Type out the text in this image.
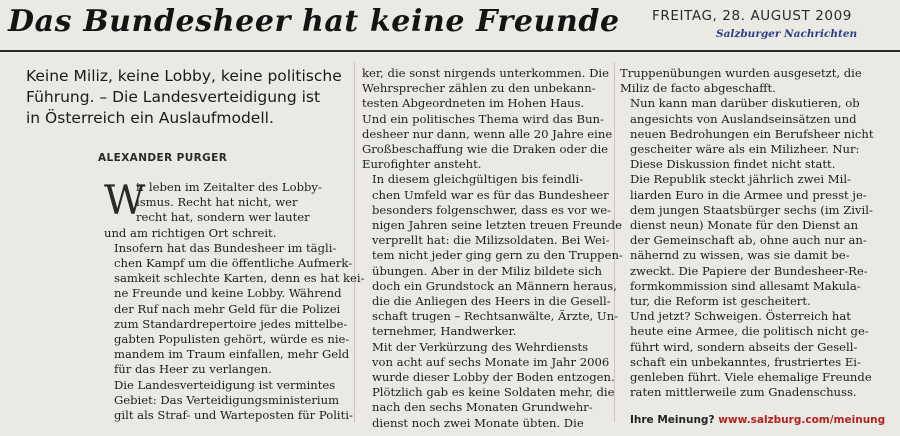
Das Bundesheer hat keine Freunde FREITAG, 28. AUGUST 2009
Salzburger Nachrichten
Keine Miliz, keine Lobby, keine politische
Führung. – Die Landesverteidigung ist
in Österreich ein Auslaufmodell.
ALEXANDER PURGER
W

ir leben im Zeitalter des Lobby-
ismus. Recht hat nicht, wer
recht hat, sondern wer lauter
und am richtigen Ort schreit.

Insofern hat das Bundesheer im tägli-
chen Kampf um die öffentliche Aufmerk-
samkeit schlechte Karten, denn es hat kei-
ne Freunde und keine Lobby. Während
der Ruf nach mehr Geld für die Polizei
zum Standardrepertoire jedes mittelbe-
gabten Populisten gehört, würde es nie-
mandem im Traum einfallen, mehr Geld
für das Heer zu verlangen.

Die Landesverteidigung ist vermintes
Gebiet: Das Verteidigungsministerium
gilt als Straf- und Warteposten für Politi-

ker, die sonst nirgends unterkommen. Die
Wehrsprecher zählen zu den unbekann-
testen Abgeordneten im Hohen Haus.
Und ein politisches Thema wird das Bun-
desheer nur dann, wenn alle 20 Jahre eine
Großbeschaffung wie die Draken oder die
Eurofighter ansteht.

In diesem gleichgültigen bis feindli-
chen Umfeld war es für das Bundesheer
besonders folgenschwer, dass es vor we-
nigen Jahren seine letzten treuen Freunde
verprellt hat: die Milizsoldaten. Bei Wei-
tem nicht jeder ging gern zu den Truppen-
übungen. Aber in der Miliz bildete sich
doch ein Grundstock an Männern heraus,
die die Anliegen des Heers in die Gesell-
schaft trugen – Rechtsanwälte, Ärzte, Un-
ternehmer, Handwerker.

Mit der Verkürzung des Wehrdiensts
von acht auf sechs Monate im Jahr 2006
wurde dieser Lobby der Boden entzogen.
Plötzlich gab es keine Soldaten mehr, die
nach den sechs Monaten Grundwehr-
dienst noch zwei Monate übten. Die

Truppenübungen wurden ausgesetzt, die
Miliz de facto abgeschafft.

Nun kann man darüber diskutieren, ob
angesichts von Auslandseinsätzen und
neuen Bedrohungen ein Berufsheer nicht
gescheiter wäre als ein Milizheer. Nur:
Diese Diskussion findet nicht statt.

Die Republik steckt jährlich zwei Mil-
liarden Euro in die Armee und presst je-
dem jungen Staatsbürger sechs (im Zivil-
dienst neun) Monate für den Dienst an
der Gemeinschaft ab, ohne auch nur an-
nähernd zu wissen, was sie damit be-
zweckt. Die Papiere der Bundesheer-Re-
formkommission sind allesamt Makula-
tur, die Reform ist gescheitert.

Und jetzt? Schweigen. Österreich hat
heute eine Armee, die politisch nicht ge-
führt wird, sondern abseits der Gesell-
schaft ein unbekanntes, frustriertes Ei-
genleben führt. Viele ehemalige Freunde
raten mittlerweile zum Gnadenschuss.

Ihre Meinung? www.salzburg.com/meinung
